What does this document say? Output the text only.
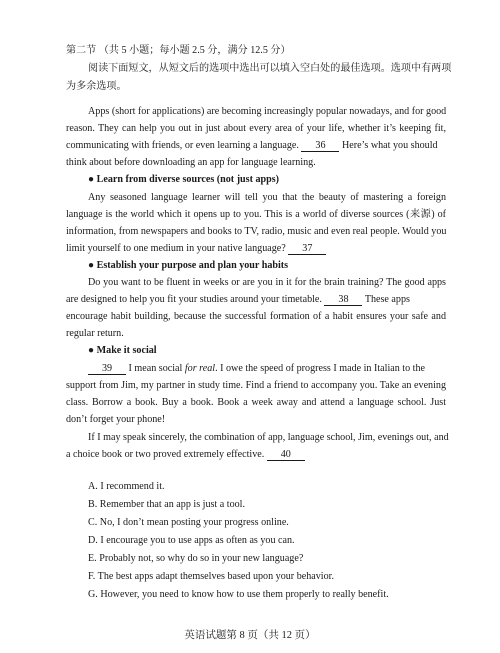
第二节 （共 5 小题；每小题 2.5 分，满分 12.5 分）
阅读下面短文，从短文后的选项中选出可以填入空白处的最佳选项。选项中有两项
为多余选项。
Apps (short for applications) are becoming increasingly popular nowadays, and for good
reason. They can help you out in just about every area of your life, whether it’s keeping fit,
communicating with friends, or even learning a language. 36 Here’s what you should
think about before downloading an app for language learning.
● Learn from diverse sources (not just apps)
Any seasoned language learner will tell you that the beauty of mastering a foreign
language is the world which it opens up to you. This is a world of diverse sources (来源) of
information, from newspapers and books to TV, radio, music and even real people. Would you
limit yourself to one medium in your native language? 37
● Establish your purpose and plan your habits
Do you want to be fluent in weeks or are you in it for the brain training? The good apps
are designed to help you fit your studies around your timetable. 38 These apps
encourage habit building, because the successful formation of a habit ensures your safe and
regular return.
● Make it social
39 I mean social for real. I owe the speed of progress I made in Italian to the
support from Jim, my partner in study time. Find a friend to accompany you. Take an evening
class. Borrow a book. Buy a book. Book a week away and attend a language school. Just
don’t forget your phone!
If I may speak sincerely, the combination of app, language school, Jim, evenings out, and
a choice book or two proved extremely effective. 40
A. I recommend it.
B. Remember that an app is just a tool.
C. No, I don’t mean posting your progress online.
D. I encourage you to use apps as often as you can.
E. Probably not, so why do so in your new language?
F. The best apps adapt themselves based upon your behavior.
G. However, you need to know how to use them properly to really benefit.
英语试题第 8 页（共 12 页）
